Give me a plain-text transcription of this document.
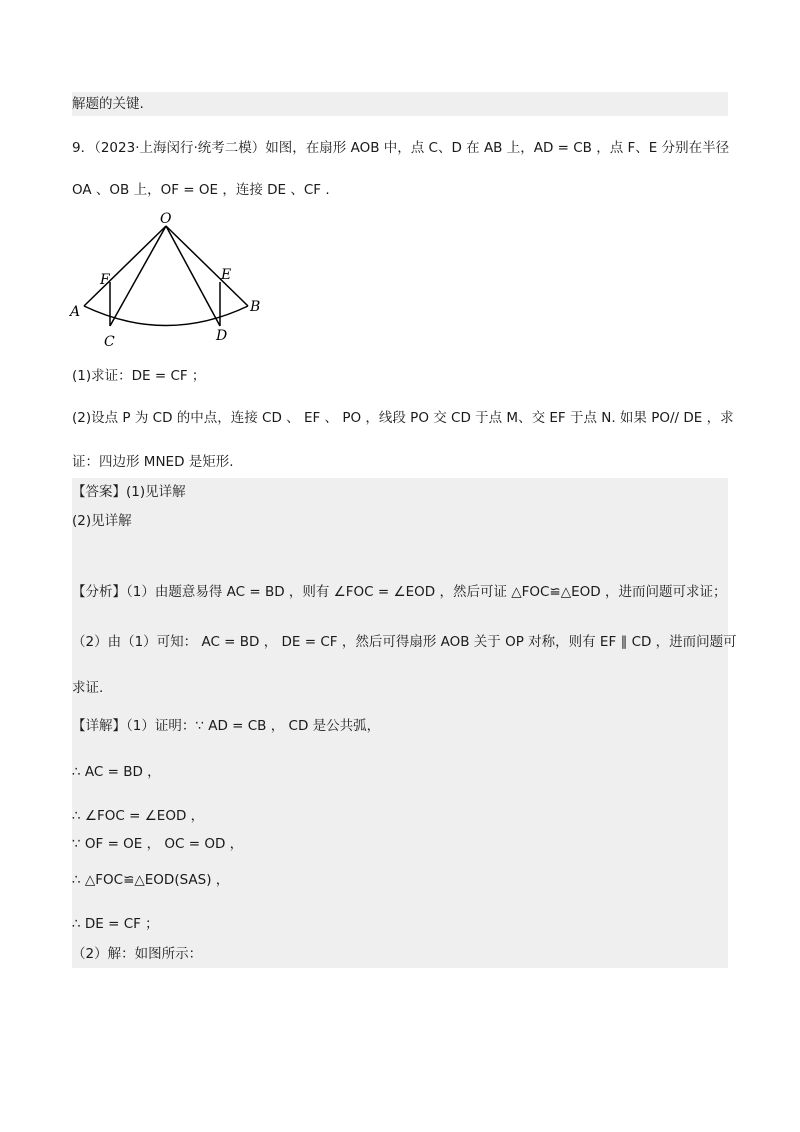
解题的关键.
9．（2023·上海闵行·统考二模）如图，在扇形 AOB 中，点 C、D 在 AB 上，AD = CB ，点 F、E 分别在半径
OA 、OB 上，OF = OE ，连接 DE 、CF .
O
F	E
A	B
C	D
(1)求证：DE = CF ；
(2)设点 P 为 CD 的中点，连接 CD 、 EF 、 PO ，线段 PO 交 CD 于点 M、交 EF 于点 N. 如果 PO// DE ，求
证：四边形 MNED 是矩形.
【答案】(1)见详解
(2)见详解
【分析】（1）由题意易得 AC = BD ，则有 ∠FOC = ∠EOD ，然后可证 △FOC≌△EOD ，进而问题可求证；
（2）由（1）可知： AC = BD ， DE = CF ，然后可得扇形 AOB 关于 OP 对称，则有 EF ∥ CD ，进而问题可
求证.
【详解】（1）证明：∵ AD = CB ， CD 是公共弧，
∴ AC = BD ，
∴ ∠FOC = ∠EOD ，
∵ OF = OE ， OC = OD ，
∴ △FOC≌△EOD(SAS) ，
∴ DE = CF ；
（2）解：如图所示：
